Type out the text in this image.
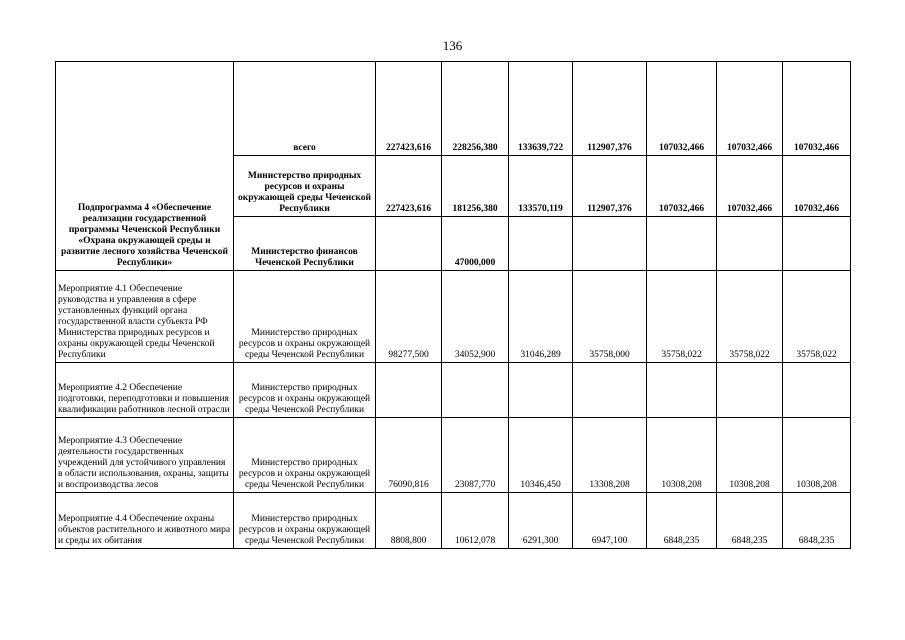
136
Подпрограмма 4 «Обеспечение реализации государственной программы Чеченской Республики «Охрана окружающей среды и развитие лесного хозяйства Чеченской Республики»	всего	227423,616	228256,380	133639,722	112907,376	107032,466	107032,466	107032,466
	Министерство природных ресурсов и охраны окружающей среды Чеченской Республики	227423,616	181256,380	133570,119	112907,376	107032,466	107032,466	107032,466
	Министерство финансов Чеченской Республики		47000,000					
Мероприятие 4.1 Обеспечение руководства и управления в сфере установленных функций органа государственной власти субъекта РФ Министерства природных ресурсов и охраны окружающей среды Чеченской Республики	Министерство природных ресурсов и охраны окружающей среды Чеченской Республики	98277,500	34052,900	31046,289	35758,000	35758,022	35758,022	35758,022
Мероприятие 4.2 Обеспечение подготовки, переподготовки и повышения квалификации работников лесной отрасли	Министерство природных ресурсов и охраны окружающей среды Чеченской Республики							
Мероприятие 4.3 Обеспечение деятельности государственных учреждений для устойчивого управления в области использования, охраны, защиты и воспроизводства лесов	Министерство природных ресурсов и охраны окружающей среды Чеченской Республики	76090,816	23087,770	10346,450	13308,208	10308,208	10308,208	10308,208
Мероприятие 4.4 Обеспечение охраны объектов растительного и животного мира и среды их обитания	Министерство природных ресурсов и охраны окружающей среды Чеченской Республики	8808,800	10612,078	6291,300	6947,100	6848,235	6848,235	6848,235
